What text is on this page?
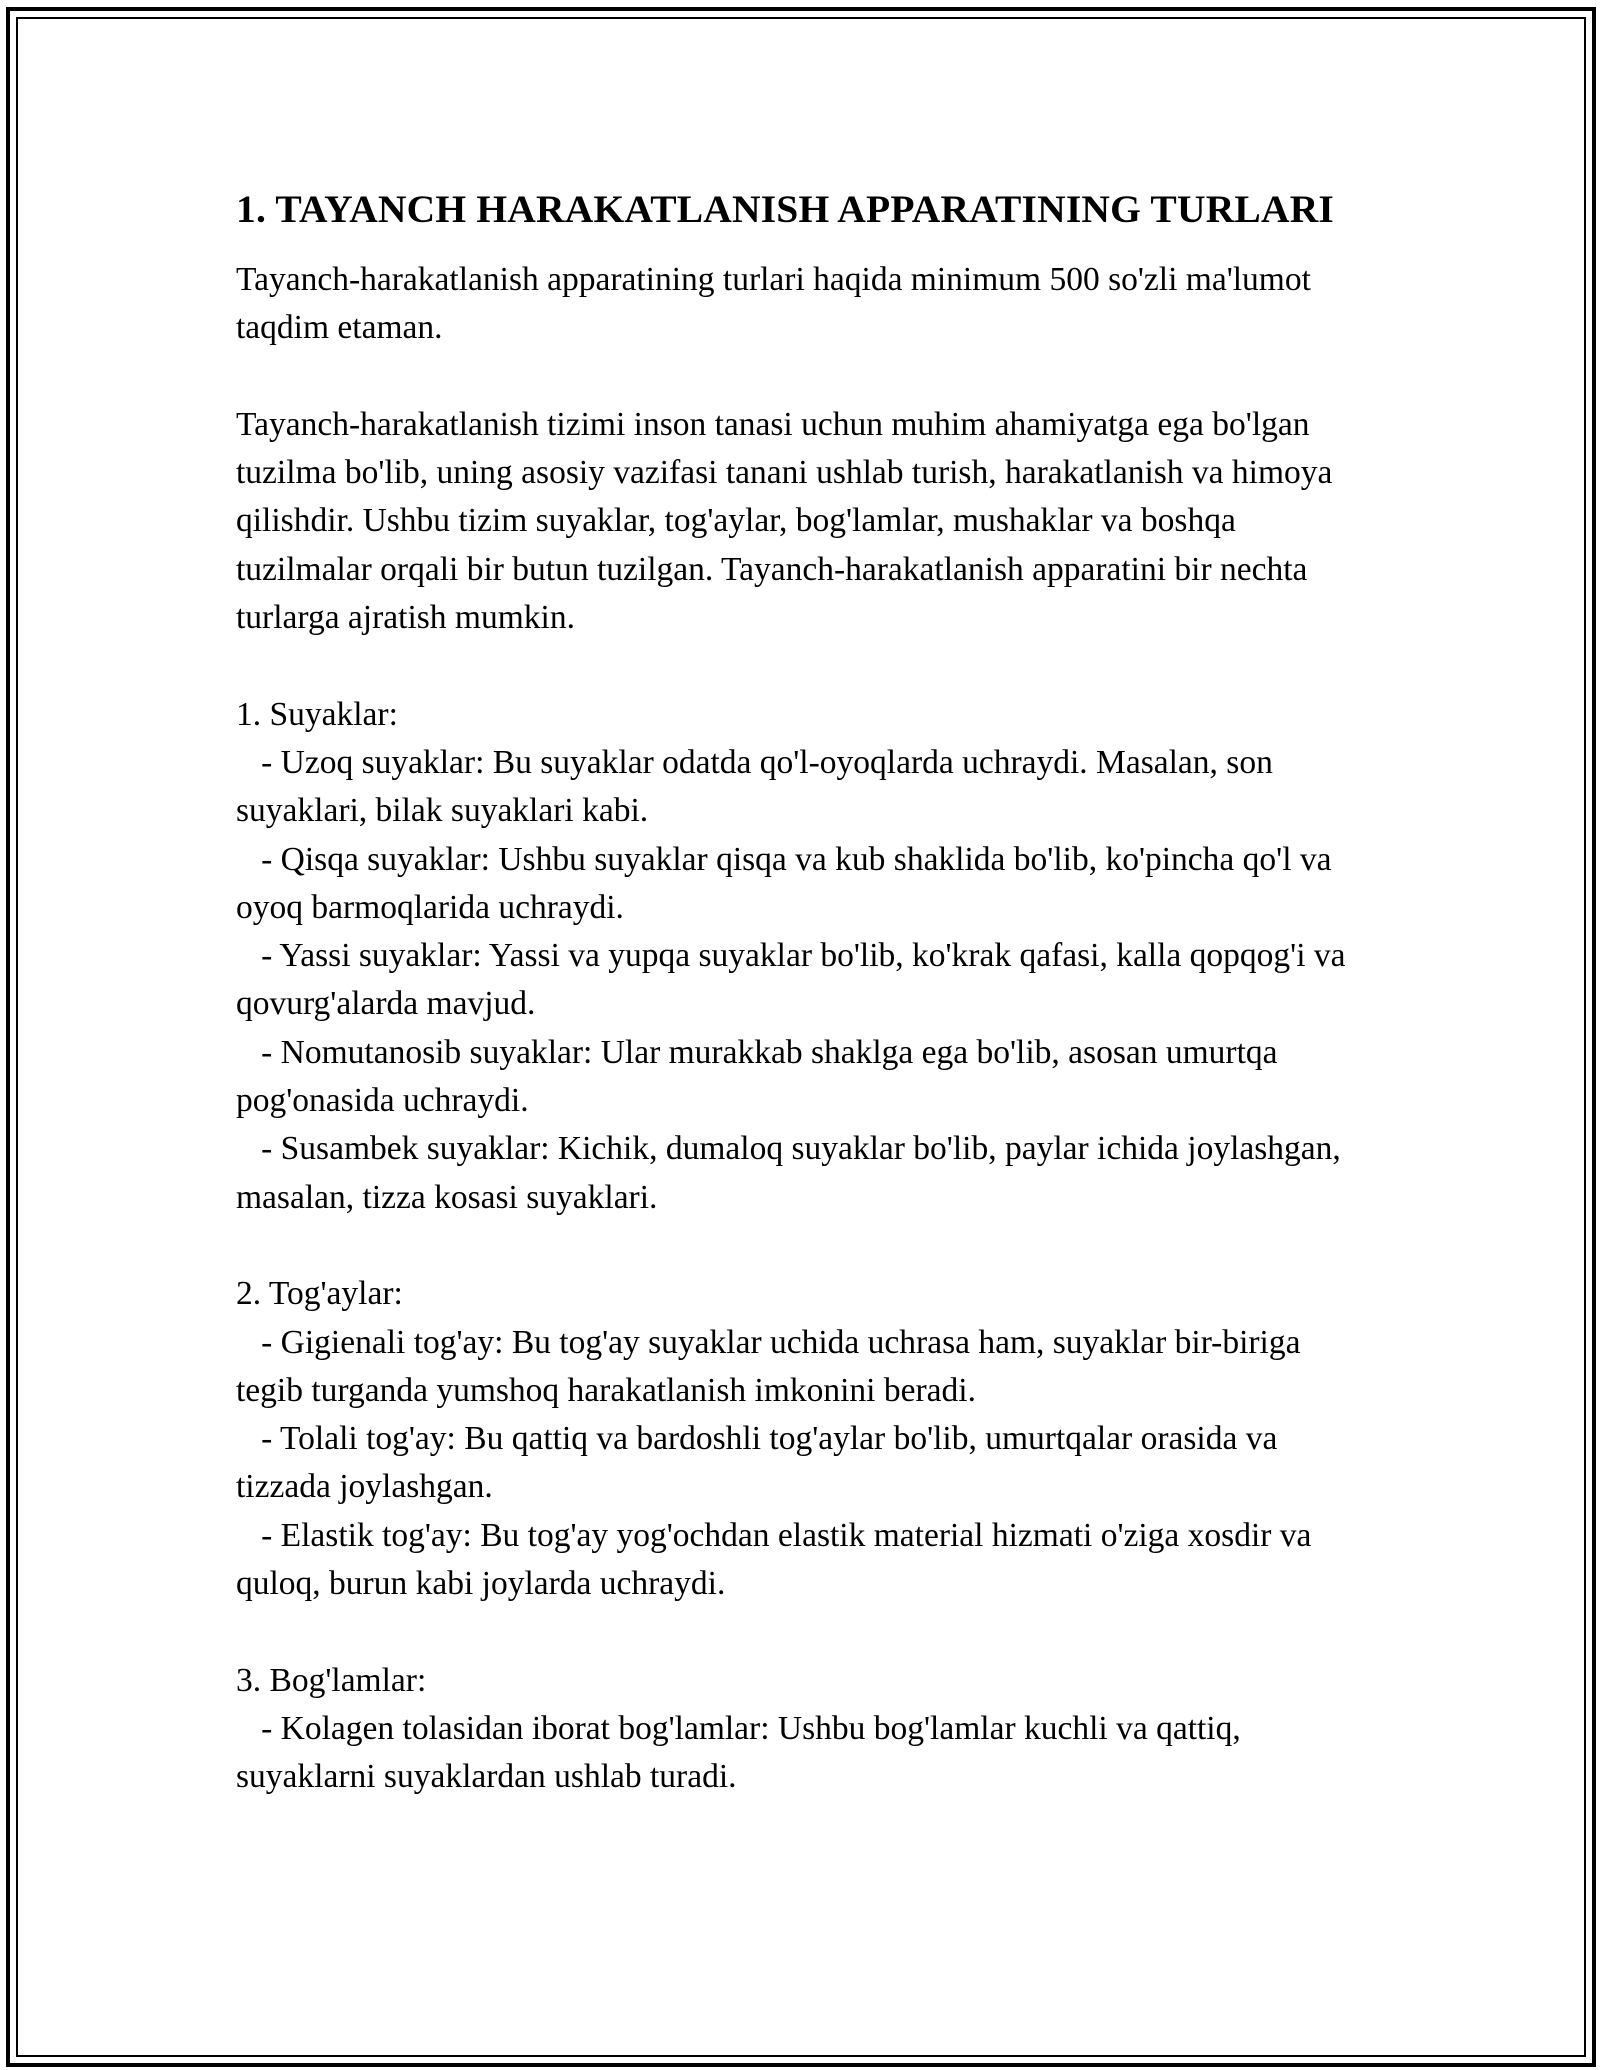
1. TAYANCH HARAKATLANISH APPARATINING TURLARI

Tayanch-harakatlanish apparatining turlari haqida minimum 500 so'zli ma'lumot taqdim etaman.

Tayanch-harakatlanish tizimi inson tanasi uchun muhim ahamiyatga ega bo'lgan tuzilma bo'lib, uning asosiy vazifasi tanani ushlab turish, harakatlanish va himoya qilishdir. Ushbu tizim suyaklar, tog'aylar, bog'lamlar, mushaklar va boshqa tuzilmalar orqali bir butun tuzilgan. Tayanch-harakatlanish apparatini bir nechta turlarga ajratish mumkin.

1. Suyaklar:

- Uzoq suyaklar: Bu suyaklar odatda qo'l-oyoqlarda uchraydi. Masalan, son suyaklari, bilak suyaklari kabi.

- Qisqa suyaklar: Ushbu suyaklar qisqa va kub shaklida bo'lib, ko'pincha qo'l va oyoq barmoqlarida uchraydi.

- Yassi suyaklar: Yassi va yupqa suyaklar bo'lib, ko'krak qafasi, kalla qopqog'i va qovurg'alarda mavjud.

- Nomutanosib suyaklar: Ular murakkab shaklga ega bo'lib, asosan umurtqa pog'onasida uchraydi.

- Susambek suyaklar: Kichik, dumaloq suyaklar bo'lib, paylar ichida joylashgan, masalan, tizza kosasi suyaklari.

2. Tog'aylar:

- Gigienali tog'ay: Bu tog'ay suyaklar uchida uchrasa ham, suyaklar bir-biriga tegib turganda yumshoq harakatlanish imkonini beradi.

- Tolali tog'ay: Bu qattiq va bardoshli tog'aylar bo'lib, umurtqalar orasida va tizzada joylashgan.

- Elastik tog'ay: Bu tog'ay yog'ochdan elastik material hizmati o'ziga xosdir va quloq, burun kabi joylarda uchraydi.

3. Bog'lamlar:

- Kolagen tolasidan iborat bog'lamlar: Ushbu bog'lamlar kuchli va qattiq, suyaklarni suyaklardan ushlab turadi.
